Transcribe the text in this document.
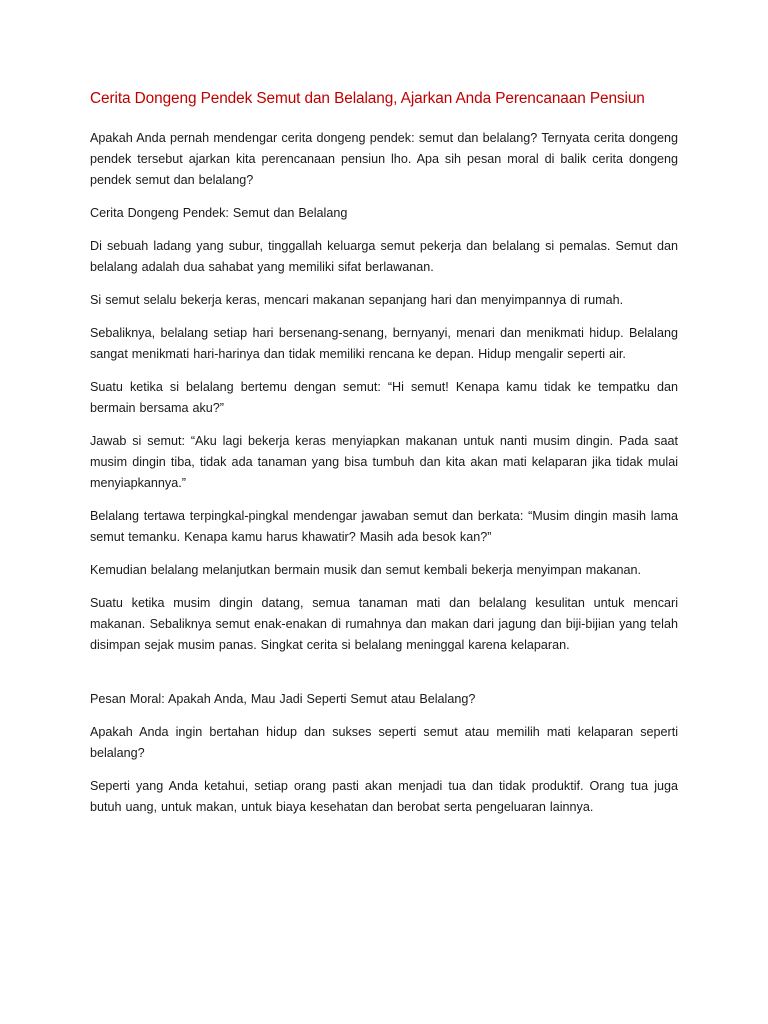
Cerita Dongeng Pendek Semut dan Belalang, Ajarkan Anda Perencanaan Pensiun

Apakah Anda pernah mendengar cerita dongeng pendek: semut dan belalang? Ternyata cerita dongeng pendek tersebut ajarkan kita perencanaan pensiun lho. Apa sih pesan moral di balik cerita dongeng pendek semut dan belalang?

Cerita Dongeng Pendek: Semut dan Belalang

Di sebuah ladang yang subur, tinggallah keluarga semut pekerja dan belalang si pemalas. Semut dan belalang adalah dua sahabat yang memiliki sifat berlawanan.

Si semut selalu bekerja keras, mencari makanan sepanjang hari dan menyimpannya di rumah.

Sebaliknya, belalang setiap hari bersenang-senang, bernyanyi, menari dan menikmati hidup. Belalang sangat menikmati hari-harinya dan tidak memiliki rencana ke depan. Hidup mengalir seperti air.

Suatu ketika si belalang bertemu dengan semut: “Hi semut! Kenapa kamu tidak ke tempatku dan bermain bersama aku?”

Jawab si semut: “Aku lagi bekerja keras menyiapkan makanan untuk nanti musim dingin. Pada saat musim dingin tiba, tidak ada tanaman yang bisa tumbuh dan kita akan mati kelaparan jika tidak mulai menyiapkannya.”

Belalang tertawa terpingkal-pingkal mendengar jawaban semut dan berkata: “Musim dingin masih lama semut temanku. Kenapa kamu harus khawatir? Masih ada besok kan?”

Kemudian belalang melanjutkan bermain musik dan semut kembali bekerja menyimpan makanan.

Suatu ketika musim dingin datang, semua tanaman mati dan belalang kesulitan untuk mencari makanan. Sebaliknya semut enak-enakan di rumahnya dan makan dari jagung dan biji-bijian yang telah disimpan sejak musim panas. Singkat cerita si belalang meninggal karena kelaparan.

Pesan Moral: Apakah Anda, Mau Jadi Seperti Semut atau Belalang?

Apakah Anda ingin bertahan hidup dan sukses seperti semut atau memilih mati kelaparan seperti belalang?

Seperti yang Anda ketahui, setiap orang pasti akan menjadi tua dan tidak produktif. Orang tua juga butuh uang, untuk makan, untuk biaya kesehatan dan berobat serta pengeluaran lainnya.
